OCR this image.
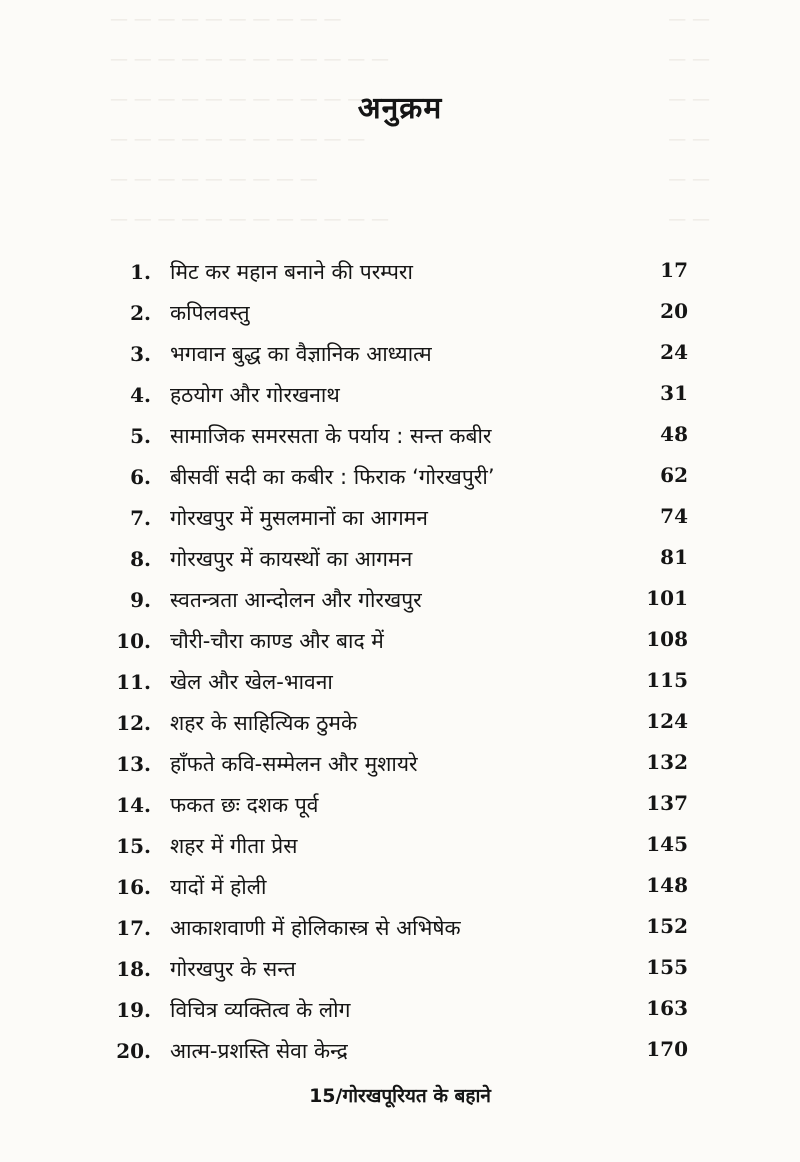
— — — — — — — — — —	— —
— — — — — — — — — — — —	— —
— — — — — — — — — — — —	— —
— — — — — — — — — — —	— —
— — — — — — — — —	— —
— — — — — — — — — — — —	— —
अनुक्रम
1. मिट कर महान बनाने की परम्परा	17
2. कपिलवस्तु	20
3. भगवान बुद्ध का वैज्ञानिक आध्यात्म	24
4. हठयोग और गोरखनाथ	31
5. सामाजिक समरसता के पर्याय : सन्त कबीर	48
6. बीसवीं सदी का कबीर : फिराक ‘गोरखपुरी’	62
7. गोरखपुर में मुसलमानों का आगमन	74
8. गोरखपुर में कायस्थों का आगमन	81
9. स्वतन्त्रता आन्दोलन और गोरखपुर	101
10. चौरी-चौरा काण्ड और बाद में	108
11. खेल और खेल-भावना	115
12. शहर के साहित्यिक ठुमके	124
13. हाँफते कवि-सम्मेलन और मुशायरे	132
14. फकत छः दशक पूर्व	137
15. शहर में गीता प्रेस	145
16. यादों में होली	148
17. आकाशवाणी में होलिकास्त्र से अभिषेक	152
18. गोरखपुर के सन्त	155
19. विचित्र व्यक्तित्व के लोग	163
20. आत्म-प्रशस्ति सेवा केन्द्र	170
15/गोरखपूरियत के बहाने
